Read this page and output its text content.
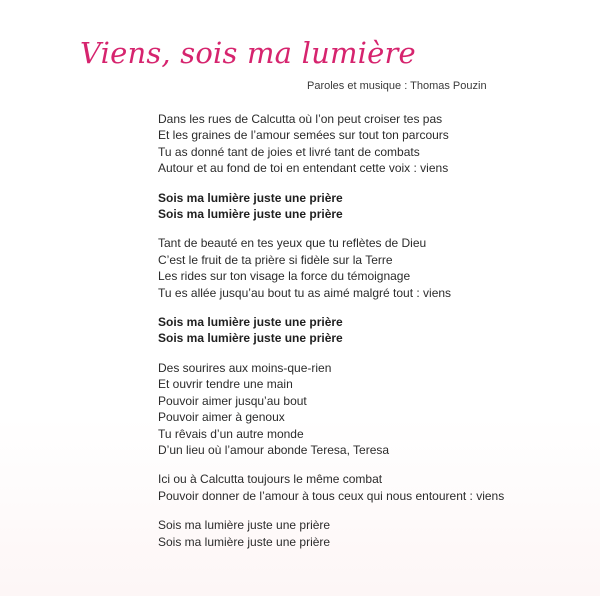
Viens, sois ma lumière
Paroles et musique : Thomas Pouzin
Dans les rues de Calcutta où l’on peut croiser tes pas
Et les graines de l’amour semées sur tout ton parcours
Tu as donné tant de joies et livré tant de combats
Autour et au fond de toi en entendant cette voix : viens
Sois ma lumière juste une prière
Sois ma lumière juste une prière
Tant de beauté en tes yeux que tu reflètes de Dieu
C’est le fruit de ta prière si fidèle sur la Terre
Les rides sur ton visage la force du témoignage
Tu es allée jusqu’au bout tu as aimé malgré tout : viens
Sois ma lumière juste une prière
Sois ma lumière juste une prière
Des sourires aux moins-que-rien
Et ouvrir tendre une main
Pouvoir aimer jusqu’au bout
Pouvoir aimer à genoux
Tu rêvais d’un autre monde
D’un lieu où l’amour abonde Teresa, Teresa
Ici ou à Calcutta toujours le même combat
Pouvoir donner de l’amour à tous ceux qui nous entourent : viens
Sois ma lumière juste une prière
Sois ma lumière juste une prière
